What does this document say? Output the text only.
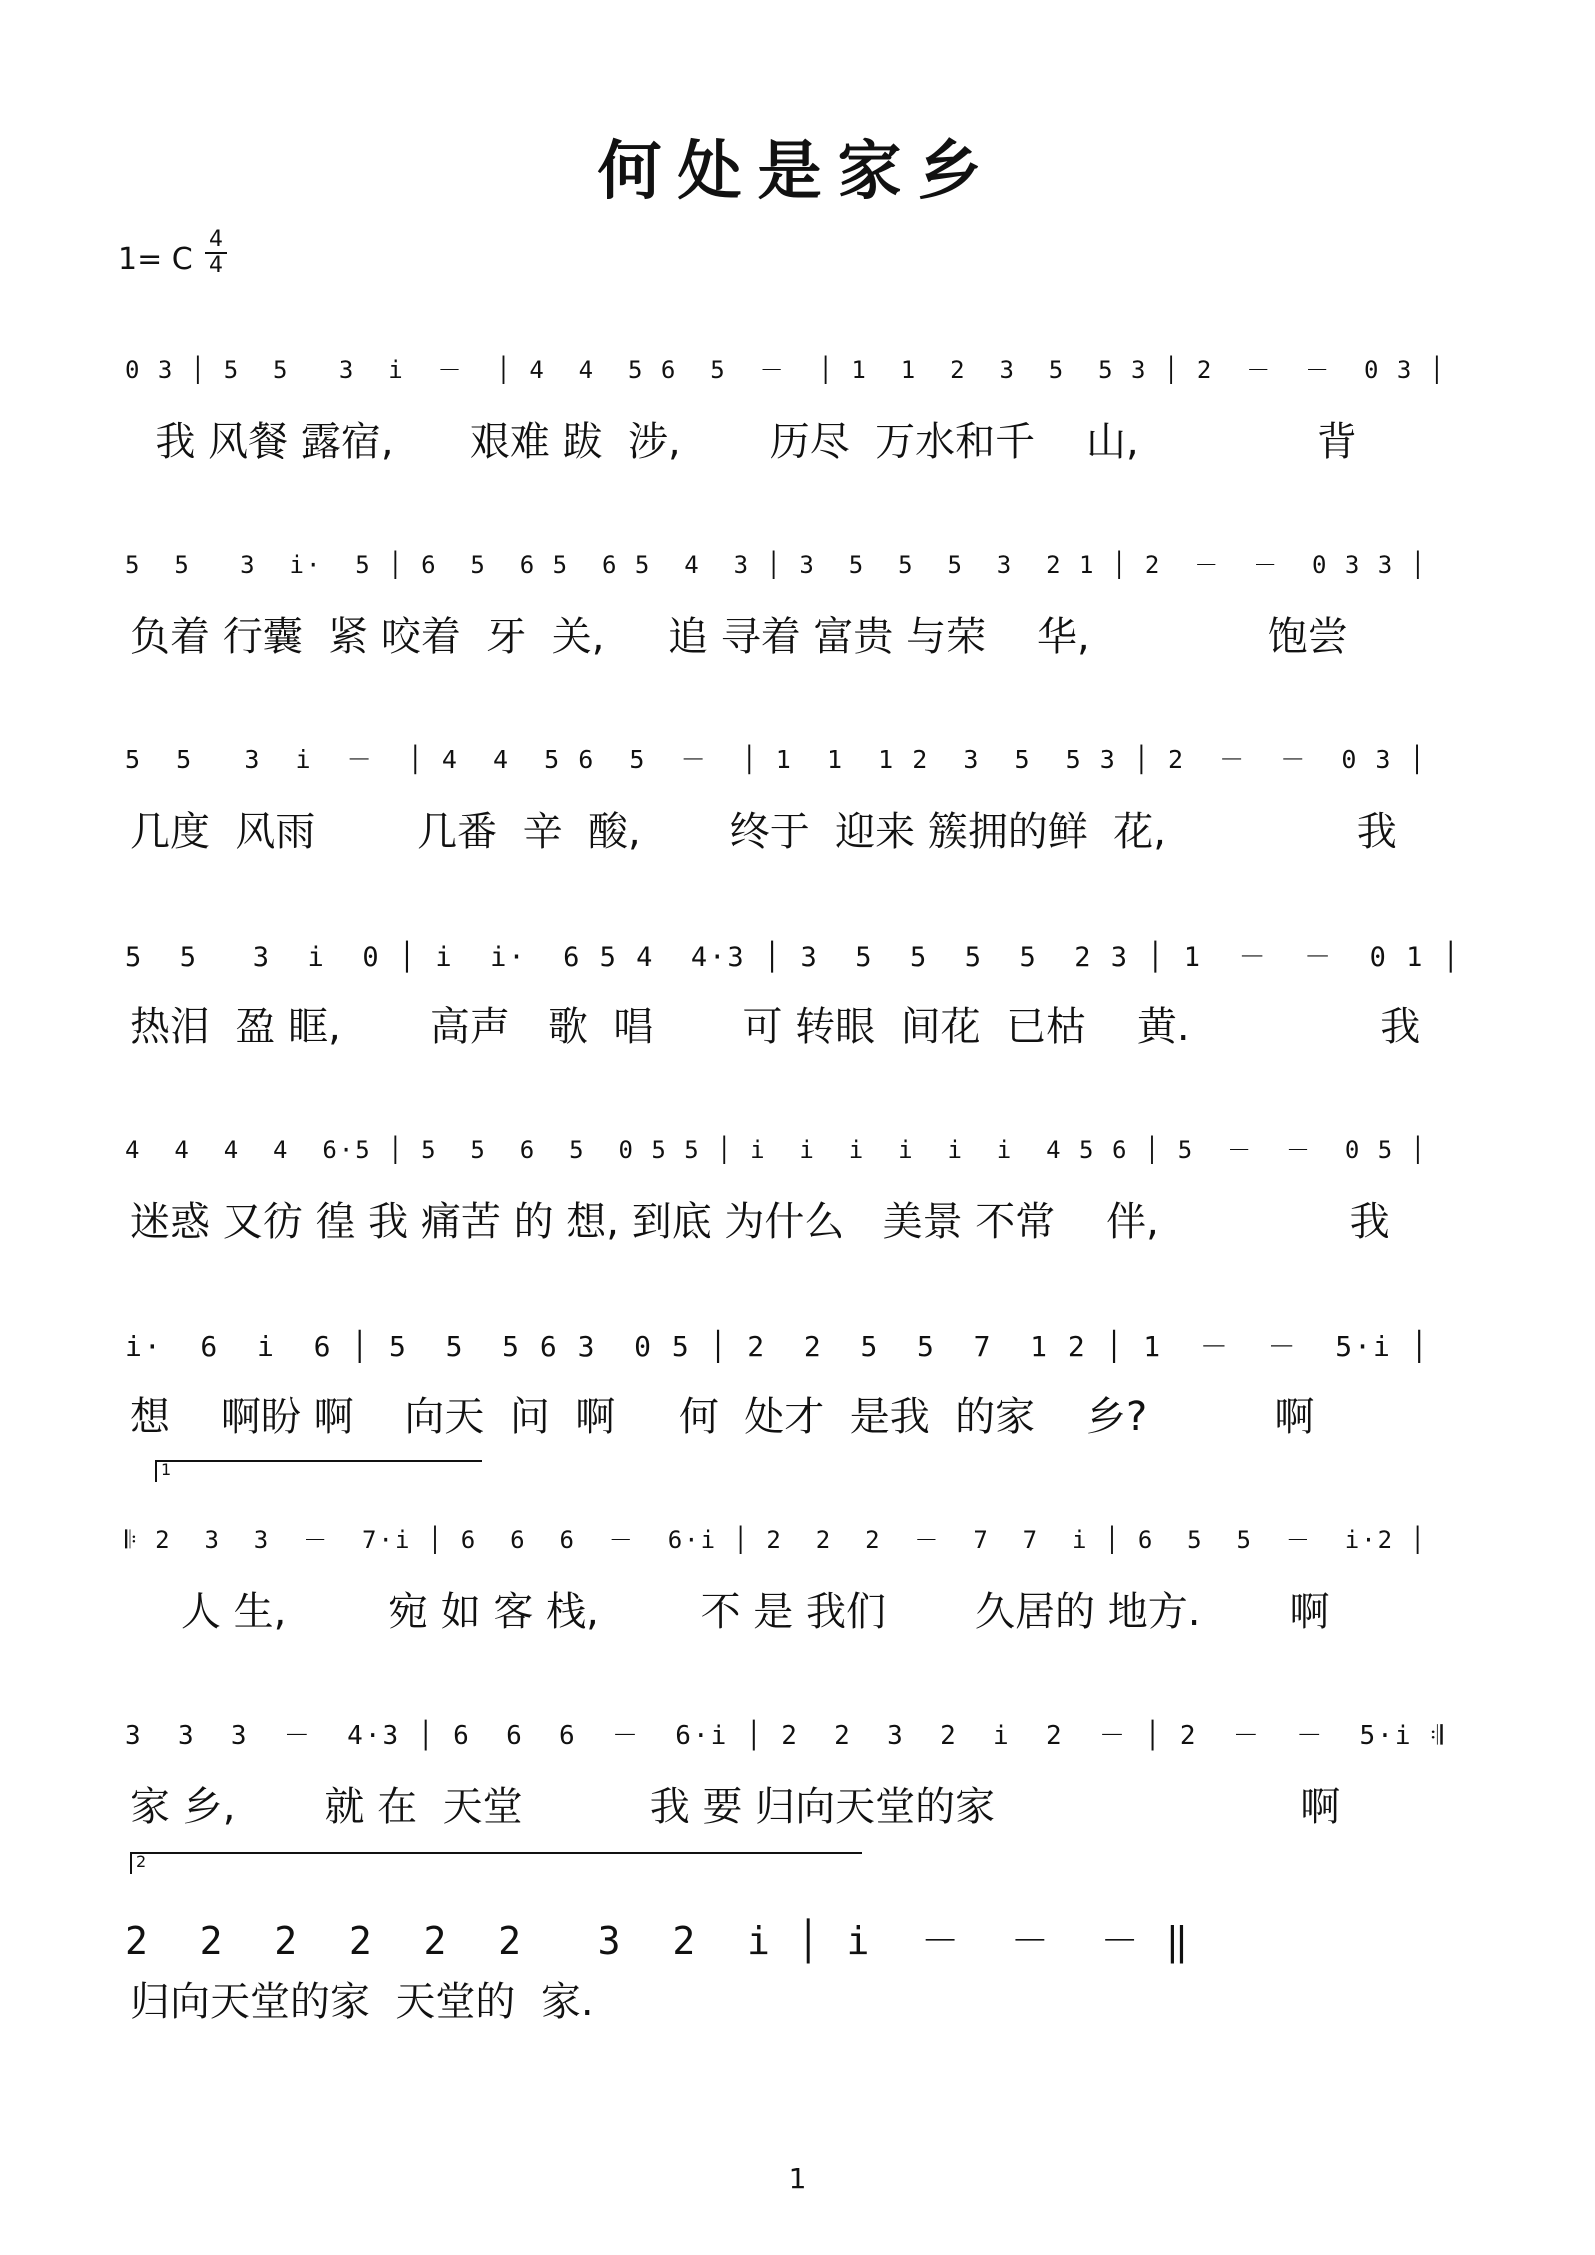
何处是家乡
1= C
4
4
0 3 │ 5  5   3  i  －  │ 4  4  5 6  5  －  │ 1  1  2  3  5  5 3 │ 2  －  －  0 3 │
我 风餐 露宿,      艰难 跋  涉,       历尽  万水和千    山,              背
5  5   3  i·  5 │ 6  5  6 5  6 5  4  3 │ 3  5  5  5  3  2 1 │ 2  －  －  0 3 3 │
负着 行囊  紧 咬着  牙  关,     追 寻着 富贵 与荣    华,              饱尝
5  5   3  i  －  │ 4  4  5 6  5  －  │ 1  1  1 2  3  5  5 3 │ 2  －  －  0 3 │
几度  风雨        几番  辛  酸,       终于  迎来 簇拥的鲜  花,               我
5  5   3  i  0 │ i  i·  6 5 4  4·3 │ 3  5  5  5  5  2 3 │ 1  －  －  0 1 │
热泪  盈 眶,       高声   歌  唱       可 转眼  间花  已枯    黄.               我
4  4  4  4  6·5 │ 5  5  6  5  0 5 5 │ i  i  i  i  i  i  4 5 6 │ 5  －  －  0 5 │
迷惑 又彷 徨 我 痛苦 的 想, 到底 为什么   美景 不常    伴,               我
i·  6  i  6 │ 5  5  5 6 3  0 5 │ 2  2  5  5  7  1 2 │ 1  －  －  5·i │
想    啊盼 啊    向天  问  啊     何  处才  是我  的家    乡?          啊
𝄆 2  3  3  －  7·i │ 6  6  6  －  6·i │ 2  2  2  －  7  7  i │ 6  5  5  －  i·2 │
人 生,        宛 如 客 栈,        不 是 我们       久居的 地方.       啊
3  3  3  －  4·3 │ 6  6  6  －  6·i │ 2  2  3  2  i  2  － │ 2  －  －  5·i 𝄇
家 乡,       就 在  天堂          我 要 归向天堂的家                        啊
2  2  2  2  2  2   3  2  i │ i  －  －  － ‖
归向天堂的家  天堂的  家.
1
1
2
